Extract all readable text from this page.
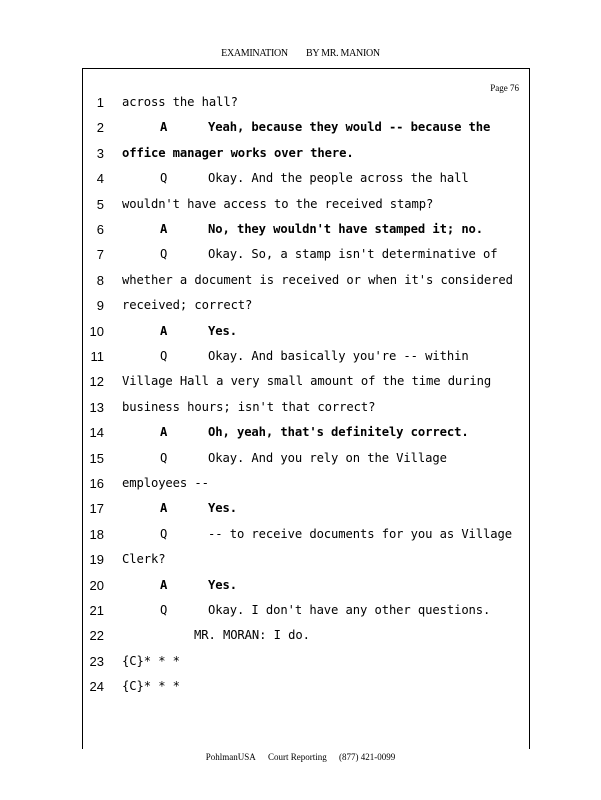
EXAMINATION BY MR. MANION
Page 76
1 across the hall?
2	A	Yeah, because they would -- because the
3 office manager works over there.
4	Q	Okay. And the people across the hall
5 wouldn't have access to the received stamp?
6	A	No, they wouldn't have stamped it; no.
7	Q	Okay. So, a stamp isn't determinative of
8 whether a document is received or when it's considered
9 received; correct?
10	A	Yes.
11	Q	Okay. And basically you're -- within
12 Village Hall a very small amount of the time during
13 business hours; isn't that correct?
14	A	Oh, yeah, that's definitely correct.
15	Q	Okay. And you rely on the Village
16 employees --
17	A	Yes.
18	Q	-- to receive documents for you as Village
19 Clerk?
20	A	Yes.
21	Q	Okay. I don't have any other questions.
22	MR. MORAN: I do.
23 {C}* * *
24 {C}* * *
PohlmanUSA Court Reporting (877) 421-0099
